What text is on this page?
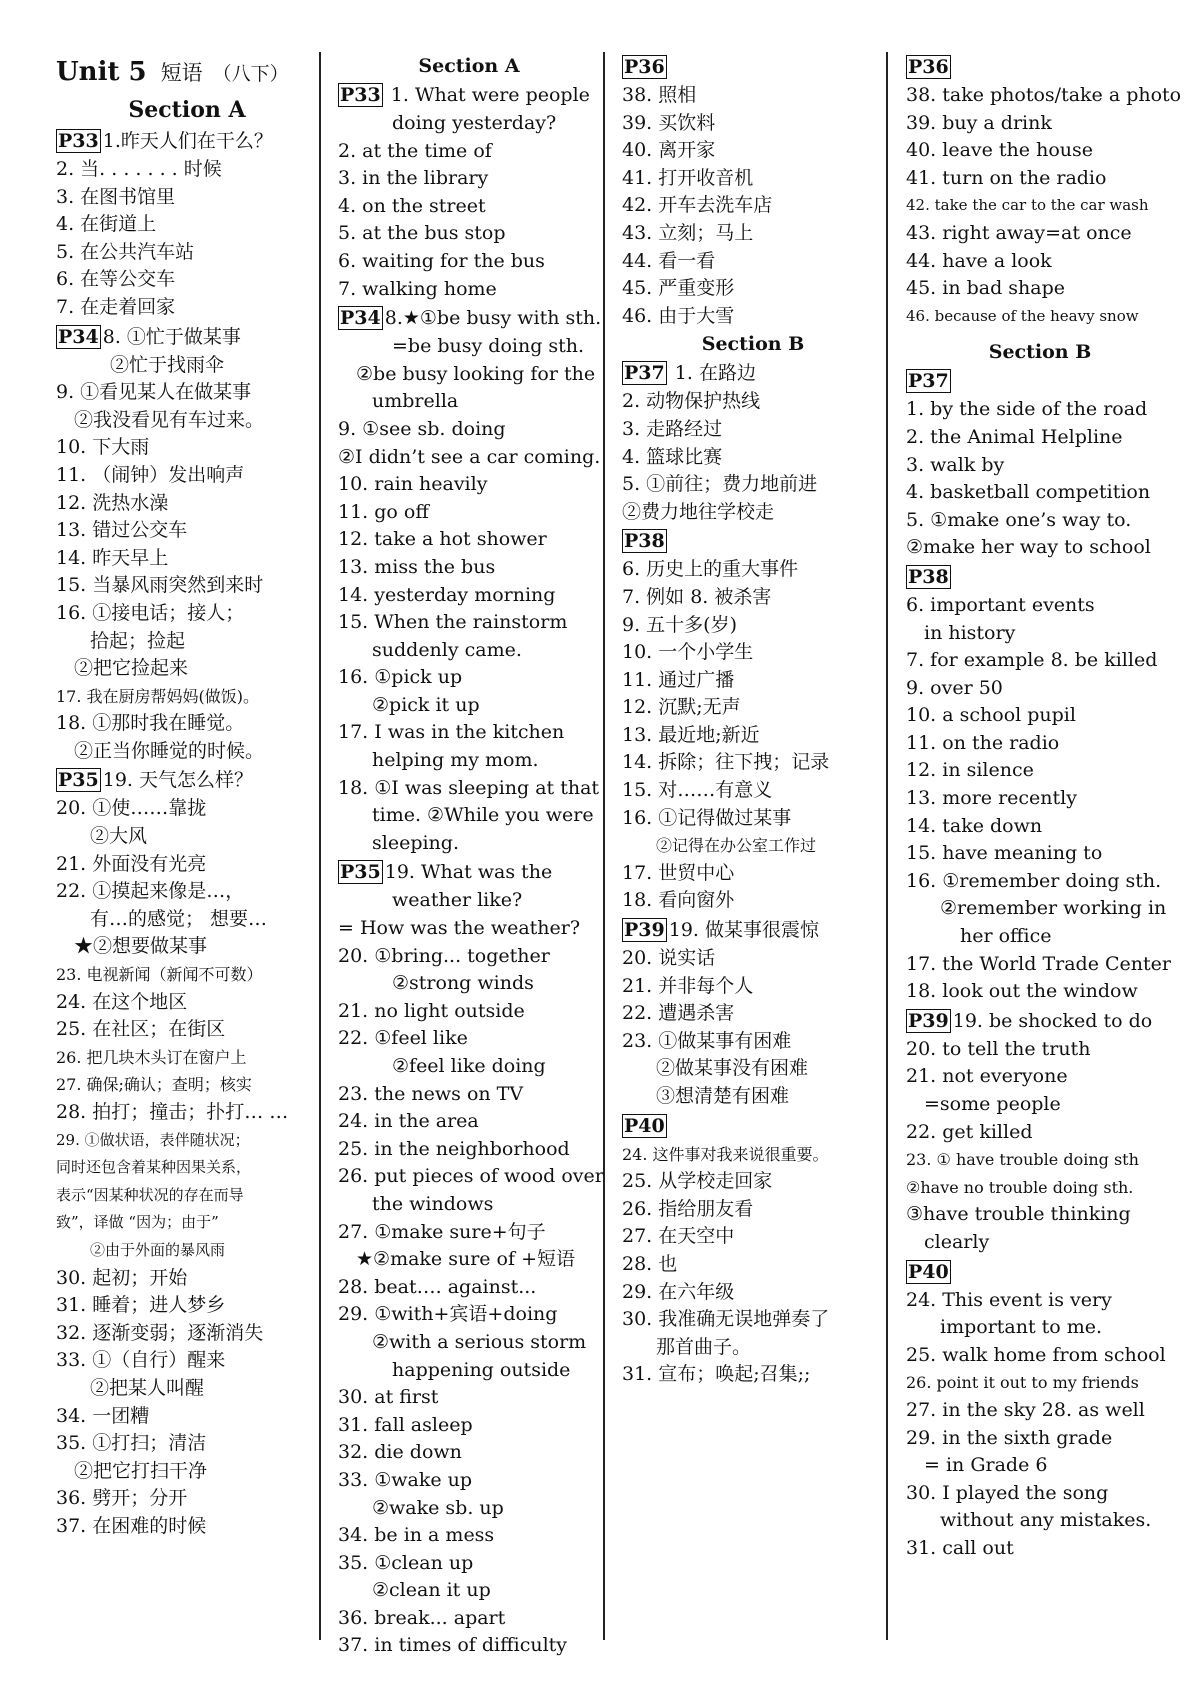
Unit 5 短语 （八下）
Section A
P33 1.昨天人们在干么？
2. 当. . . . . . . 时候
3. 在图书馆里
4. 在街道上
5. 在公共汽车站
6. 在等公交车
7. 在走着回家
P34 8. ①忙于做某事
②忙于找雨伞
9. ①看见某人在做某事
②我没看见有车过来。
10. 下大雨
11. （闹钟）发出响声
12. 洗热水澡
13. 错过公交车
14. 昨天早上
15. 当暴风雨突然到来时
16. ①接电话；接人；
拾起；捡起
②把它捡起来
17. 我在厨房帮妈妈(做饭)。
18. ①那时我在睡觉。
②正当你睡觉的时候。
P35 19. 天气怎么样？
20. ①使……靠拢
②大风
21. 外面没有光亮
22. ①摸起来像是…，
有…的感觉； 想要…
★②想要做某事
23. 电视新闻（新闻不可数）
24. 在这个地区
25. 在社区；在街区
26. 把几块木头订在窗户上
27. 确保;确认；查明；核实
28. 拍打；撞击；扑打… …
29. ①做状语，表伴随状况；
同时还包含着某种因果关系，
表示“因某种状况的存在而导
致”，译做 “因为；由于”
②由于外面的暴风雨
30. 起初；开始
31. 睡着；进人梦乡
32. 逐渐变弱；逐渐消失
33. ①（自行）醒来
②把某人叫醒
34. 一团糟
35. ①打扫；清洁
②把它打扫干净
36. 劈开；分开
37. 在困难的时候
Section A
P33 1. What were people
doing yesterday?
2. at the time of
3. in the library
4. on the street
5. at the bus stop
6. waiting for the bus
7. walking home
P34 8.★①be busy with sth.
=be busy doing sth.
②be busy looking for the
umbrella
9. ①see sb. doing
②I didn’t see a car coming.
10. rain heavily
11. go off
12. take a hot shower
13. miss the bus
14. yesterday morning
15. When the rainstorm
suddenly came.
16. ①pick up
②pick it up
17. I was in the kitchen
helping my mom.
18. ①I was sleeping at that
time. ②While you were
sleeping.
P35 19. What was the
weather like?
= How was the weather?
20. ①bring... together
②strong winds
21. no light outside
22. ①feel like
②feel like doing
23. the news on TV
24. in the area
25. in the neighborhood
26. put pieces of wood over
the windows
27. ①make sure+句子
★②make sure of +短语
28. beat…. against...
29. ①with+宾语+doing
②with a serious storm
happening outside
30. at first
31. fall asleep
32. die down
33. ①wake up
②wake sb. up
34. be in a mess
35. ①clean up
②clean it up
36. break... apart
37. in times of difficulty
P36
38. 照相
39. 买饮料
40. 离开家
41. 打开收音机
42. 开车去洗车店
43. 立刻；马上
44. 看一看
45. 严重变形
46. 由于大雪
Section B
P37 1. 在路边
2. 动物保护热线
3. 走路经过
4. 篮球比赛
5. ①前往；费力地前进
②费力地往学校走
P38
6. 历史上的重大事件
7. 例如 8. 被杀害
9. 五十多(岁)
10. 一个小学生
11. 通过广播
12. 沉默;无声
13. 最近地;新近
14. 拆除；往下拽；记录
15. 对……有意义
16. ①记得做过某事
②记得在办公室工作过
17. 世贸中心
18. 看向窗外
P39 19. 做某事很震惊
20. 说实话
21. 并非每个人
22. 遭遇杀害
23. ①做某事有困难
②做某事没有困难
③想清楚有困难
P40
24. 这件事对我来说很重要。
25. 从学校走回家
26. 指给朋友看
27. 在天空中
28. 也
29. 在六年级
30. 我准确无误地弹奏了
那首曲子。
31. 宣布；唤起;召集;;
P36
38. take photos/take a photo
39. buy a drink
40. leave the house
41. turn on the radio
42. take the car to the car wash
43. right away=at once
44. have a look
45. in bad shape
46. because of the heavy snow
Section B
P37
1. by the side of the road
2. the Animal Helpline
3. walk by
4. basketball competition
5. ①make one’s way to.
②make her way to school
P38
6. important events
in history
7. for example 8. be killed
9. over 50
10. a school pupil
11. on the radio
12. in silence
13. more recently
14. take down
15. have meaning to
16. ①remember doing sth.
②remember working in
her office
17. the World Trade Center
18. look out the window
P39 19. be shocked to do
20. to tell the truth
21. not everyone
=some people
22. get killed
23. ① have trouble doing sth
②have no trouble doing sth.
③have trouble thinking
clearly
P40
24. This event is very
important to me.
25. walk home from school
26. point it out to my friends
27. in the sky 28. as well
29. in the sixth grade
= in Grade 6
30. I played the song
without any mistakes.
31. call out
